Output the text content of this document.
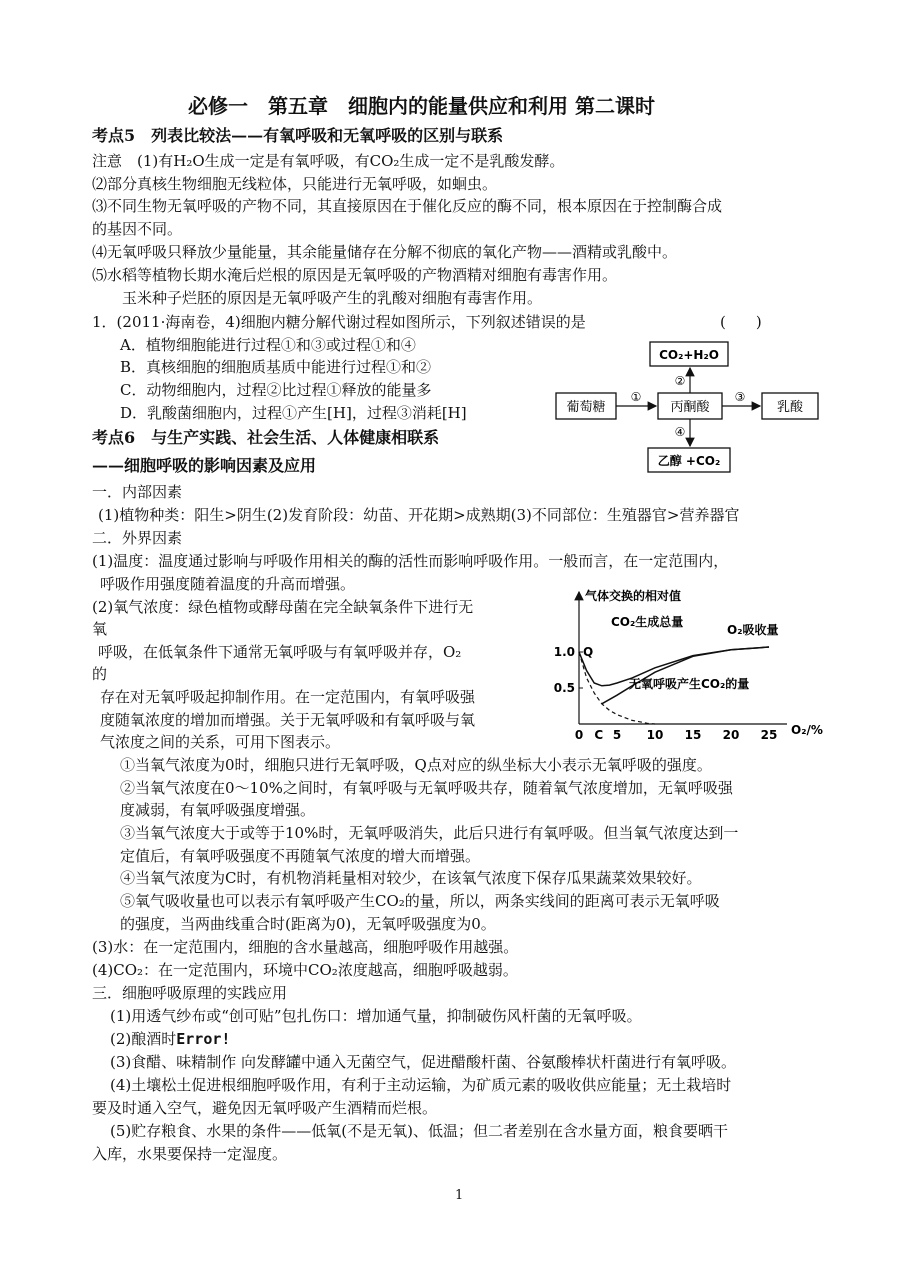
必修一　第五章　细胞内的能量供应和利用 第二课时
考点5　列表比较法——有氧呼吸和无氧呼吸的区别与联系
注意　(1)有H₂O生成一定是有氧呼吸，有CO₂生成一定不是乳酸发酵。
⑵部分真核生物细胞无线粒体，只能进行无氧呼吸，如蛔虫。
⑶不同生物无氧呼吸的产物不同，其直接原因在于催化反应的酶不同，根本原因在于控制酶合成
的基因不同。
⑷无氧呼吸只释放少量能量，其余能量储存在分解不彻底的氧化产物——酒精或乳酸中。
⑸水稻等植物长期水淹后烂根的原因是无氧呼吸的产物酒精对细胞有毒害作用。
玉米种子烂胚的原因是无氧呼吸产生的乳酸对细胞有毒害作用。
1．(2011·海南卷，4)细胞内糖分解代谢过程如图所示，下列叙述错误的是	(　　)
A．植物细胞能进行过程①和③或过程①和④
B．真核细胞的细胞质基质中能进行过程①和②
C．动物细胞内，过程②比过程①释放的能量多
D．乳酸菌细胞内，过程①产生[H]，过程③消耗[H]	葡萄糖	丙酮酸	乳酸
CO₂+H₂O
乙醇 +CO₂
①	③
②
④
考点6　与生产实践、社会生活、人体健康相联系
——细胞呼吸的影响因素及应用
一．内部因素
(1)植物种类：阳生>阴生(2)发育阶段：幼苗、开花期>成熟期(3)不同部位：生殖器官>营养器官
二．外界因素
(1)温度：温度通过影响与呼吸作用相关的酶的活性而影响呼吸作用。一般而言，在一定范围内，
呼吸作用强度随着温度的升高而增强。
(2)氧气浓度：绿色植物或酵母菌在完全缺氧条件下进行无
氧
呼吸，在低氧条件下通常无氧呼吸与有氧呼吸并存，O₂
的
存在对无氧呼吸起抑制作用。在一定范围内，有氧呼吸强
度随氧浓度的增加而增强。关于无氧呼吸和有氧呼吸与氧
气浓度之间的关系，可用下图表示。
气体交换的相对值
O₂/%
Q
0 C 5 10 15 20 25
1.0
0.5
CO₂生成总量
O₂吸收量
无氧呼吸产生CO₂的量
①当氧气浓度为0时，细胞只进行无氧呼吸，Q点对应的纵坐标大小表示无氧呼吸的强度。
②当氧气浓度在0～10%之间时，有氧呼吸与无氧呼吸共存，随着氧气浓度增加，无氧呼吸强
度减弱，有氧呼吸强度增强。
③当氧气浓度大于或等于10%时，无氧呼吸消失，此后只进行有氧呼吸。但当氧气浓度达到一
定值后，有氧呼吸强度不再随氧气浓度的增大而增强。
④当氧气浓度为C时，有机物消耗量相对较少，在该氧气浓度下保存瓜果蔬菜效果较好。
⑤氧气吸收量也可以表示有氧呼吸产生CO₂的量，所以，两条实线间的距离可表示无氧呼吸
的强度，当两曲线重合时(距离为0)，无氧呼吸强度为0。
(3)水：在一定范围内，细胞的含水量越高，细胞呼吸作用越强。
(4)CO₂：在一定范围内，环境中CO₂浓度越高，细胞呼吸越弱。
三．细胞呼吸原理的实践应用
(1)用透气纱布或“创可贴”包扎伤口：增加通气量，抑制破伤风杆菌的无氧呼吸。
(2)酿酒时Error!
(3)食醋、味精制作 向发酵罐中通入无菌空气，促进醋酸杆菌、谷氨酸棒状杆菌进行有氧呼吸。
(4)土壤松土促进根细胞呼吸作用，有利于主动运输，为矿质元素的吸收供应能量；无土栽培时
要及时通入空气，避免因无氧呼吸产生酒精而烂根。
(5)贮存粮食、水果的条件——低氧(不是无氧)、低温；但二者差别在含水量方面，粮食要晒干
入库，水果要保持一定湿度。
1
